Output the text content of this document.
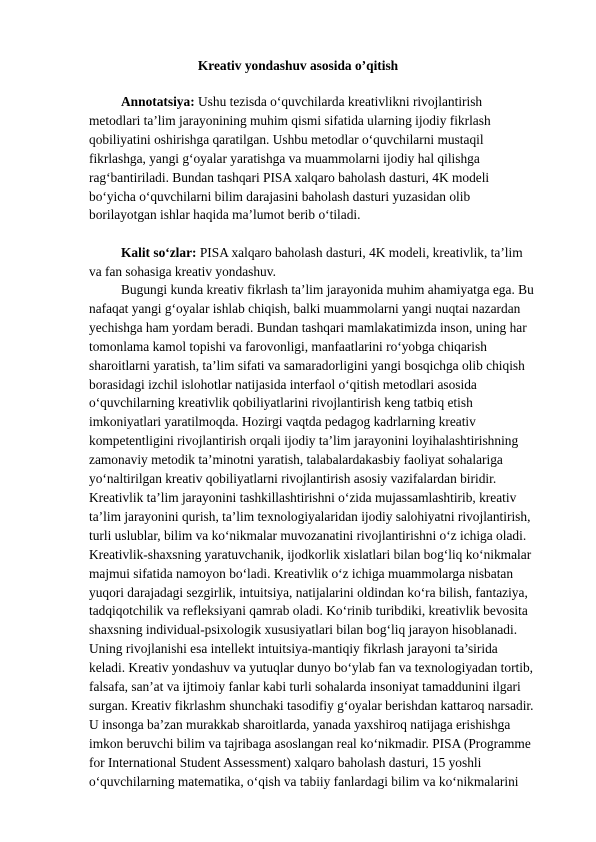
Kreativ yondashuv asosida o’qitish
Annotatsiya: Ushu tezisda o‘quvchilarda kreativlikni rivojlantirish
metodlari ta’lim jarayonining muhim qismi sifatida ularning ijodiy fikrlash
qobiliyatini oshirishga qaratilgan. Ushbu metodlar o‘quvchilarni mustaqil
fikrlashga, yangi g‘oyalar yaratishga va muammolarni ijodiy hal qilishga
rag‘bantiriladi. Bundan tashqari PISA xalqaro baholash dasturi, 4K modeli
bo‘yicha o‘quvchilarni bilim darajasini baholash dasturi yuzasidan olib
borilayotgan ishlar haqida ma’lumot berib o‘tiladi.
Kalit so‘zlar: PISA xalqaro baholash dasturi, 4K modeli, kreativlik, ta’lim
va fan sohasiga kreativ yondashuv.
Bugungi kunda kreativ fikrlash ta’lim jarayonida muhim ahamiyatga ega. Bu
nafaqat yangi g‘oyalar ishlab chiqish, balki muammolarni yangi nuqtai nazardan
yechishga ham yordam beradi. Bundan tashqari mamlakatimizda inson, uning har
tomonlama kamol topishi va farovonligi, manfaatlarini ro‘yobga chiqarish
sharoitlarni yaratish, ta’lim sifati va samaradorligini yangi bosqichga olib chiqish
borasidagi izchil islohotlar natijasida interfaol o‘qitish metodlari asosida
o‘quvchilarning kreativlik qobiliyatlarini rivojlantirish keng tatbiq etish
imkoniyatlari yaratilmoqda. Hozirgi vaqtda pedagog kadrlarning kreativ
kompetentligini rivojlantirish orqali ijodiy ta’lim jarayonini loyihalashtirishning
zamonaviy metodik ta’minotni yaratish, talabalardakasbiy faoliyat sohalariga
yo‘naltirilgan kreativ qobiliyatlarni rivojlantirish asosiy vazifalardan biridir.
Kreativlik ta’lim jarayonini tashkillashtirishni o‘zida mujassamlashtirib, kreativ
ta’lim jarayonini qurish, ta’lim texnologiyalaridan ijodiy salohiyatni rivojlantirish,
turli uslublar, bilim va ko‘nikmalar muvozanatini rivojlantirishni o‘z ichiga oladi.
Kreativlik-shaxsning yaratuvchanik, ijodkorlik xislatlari bilan bog‘liq ko‘nikmalar
majmui sifatida namoyon bo‘ladi. Kreativlik o‘z ichiga muammolarga nisbatan
yuqori darajadagi sezgirlik, intuitsiya, natijalarini oldindan ko‘ra bilish, fantaziya,
tadqiqotchilik va refleksiyani qamrab oladi. Ko‘rinib turibdiki, kreativlik bevosita
shaxsning individual-psixologik xususiyatlari bilan bog‘liq jarayon hisoblanadi.
Uning rivojlanishi esa intellekt intuitsiya-mantiqiy fikrlash jarayoni ta’sirida
keladi. Kreativ yondashuv va yutuqlar dunyo bo‘ylab fan va texnologiyadan tortib,
falsafa, san’at va ijtimoiy fanlar kabi turli sohalarda insoniyat tamaddunini ilgari
surgan. Kreativ fikrlashm shunchaki tasodifiy g‘oyalar berishdan kattaroq narsadir.
U insonga ba’zan murakkab sharoitlarda, yanada yaxshiroq natijaga erishishga
imkon beruvchi bilim va tajribaga asoslangan real ko‘nikmadir. PISA (Programme
for International Student Assessment) xalqaro baholash dasturi, 15 yoshli
o‘quvchilarning matematika, o‘qish va tabiiy fanlardagi bilim va ko‘nikmalarini
